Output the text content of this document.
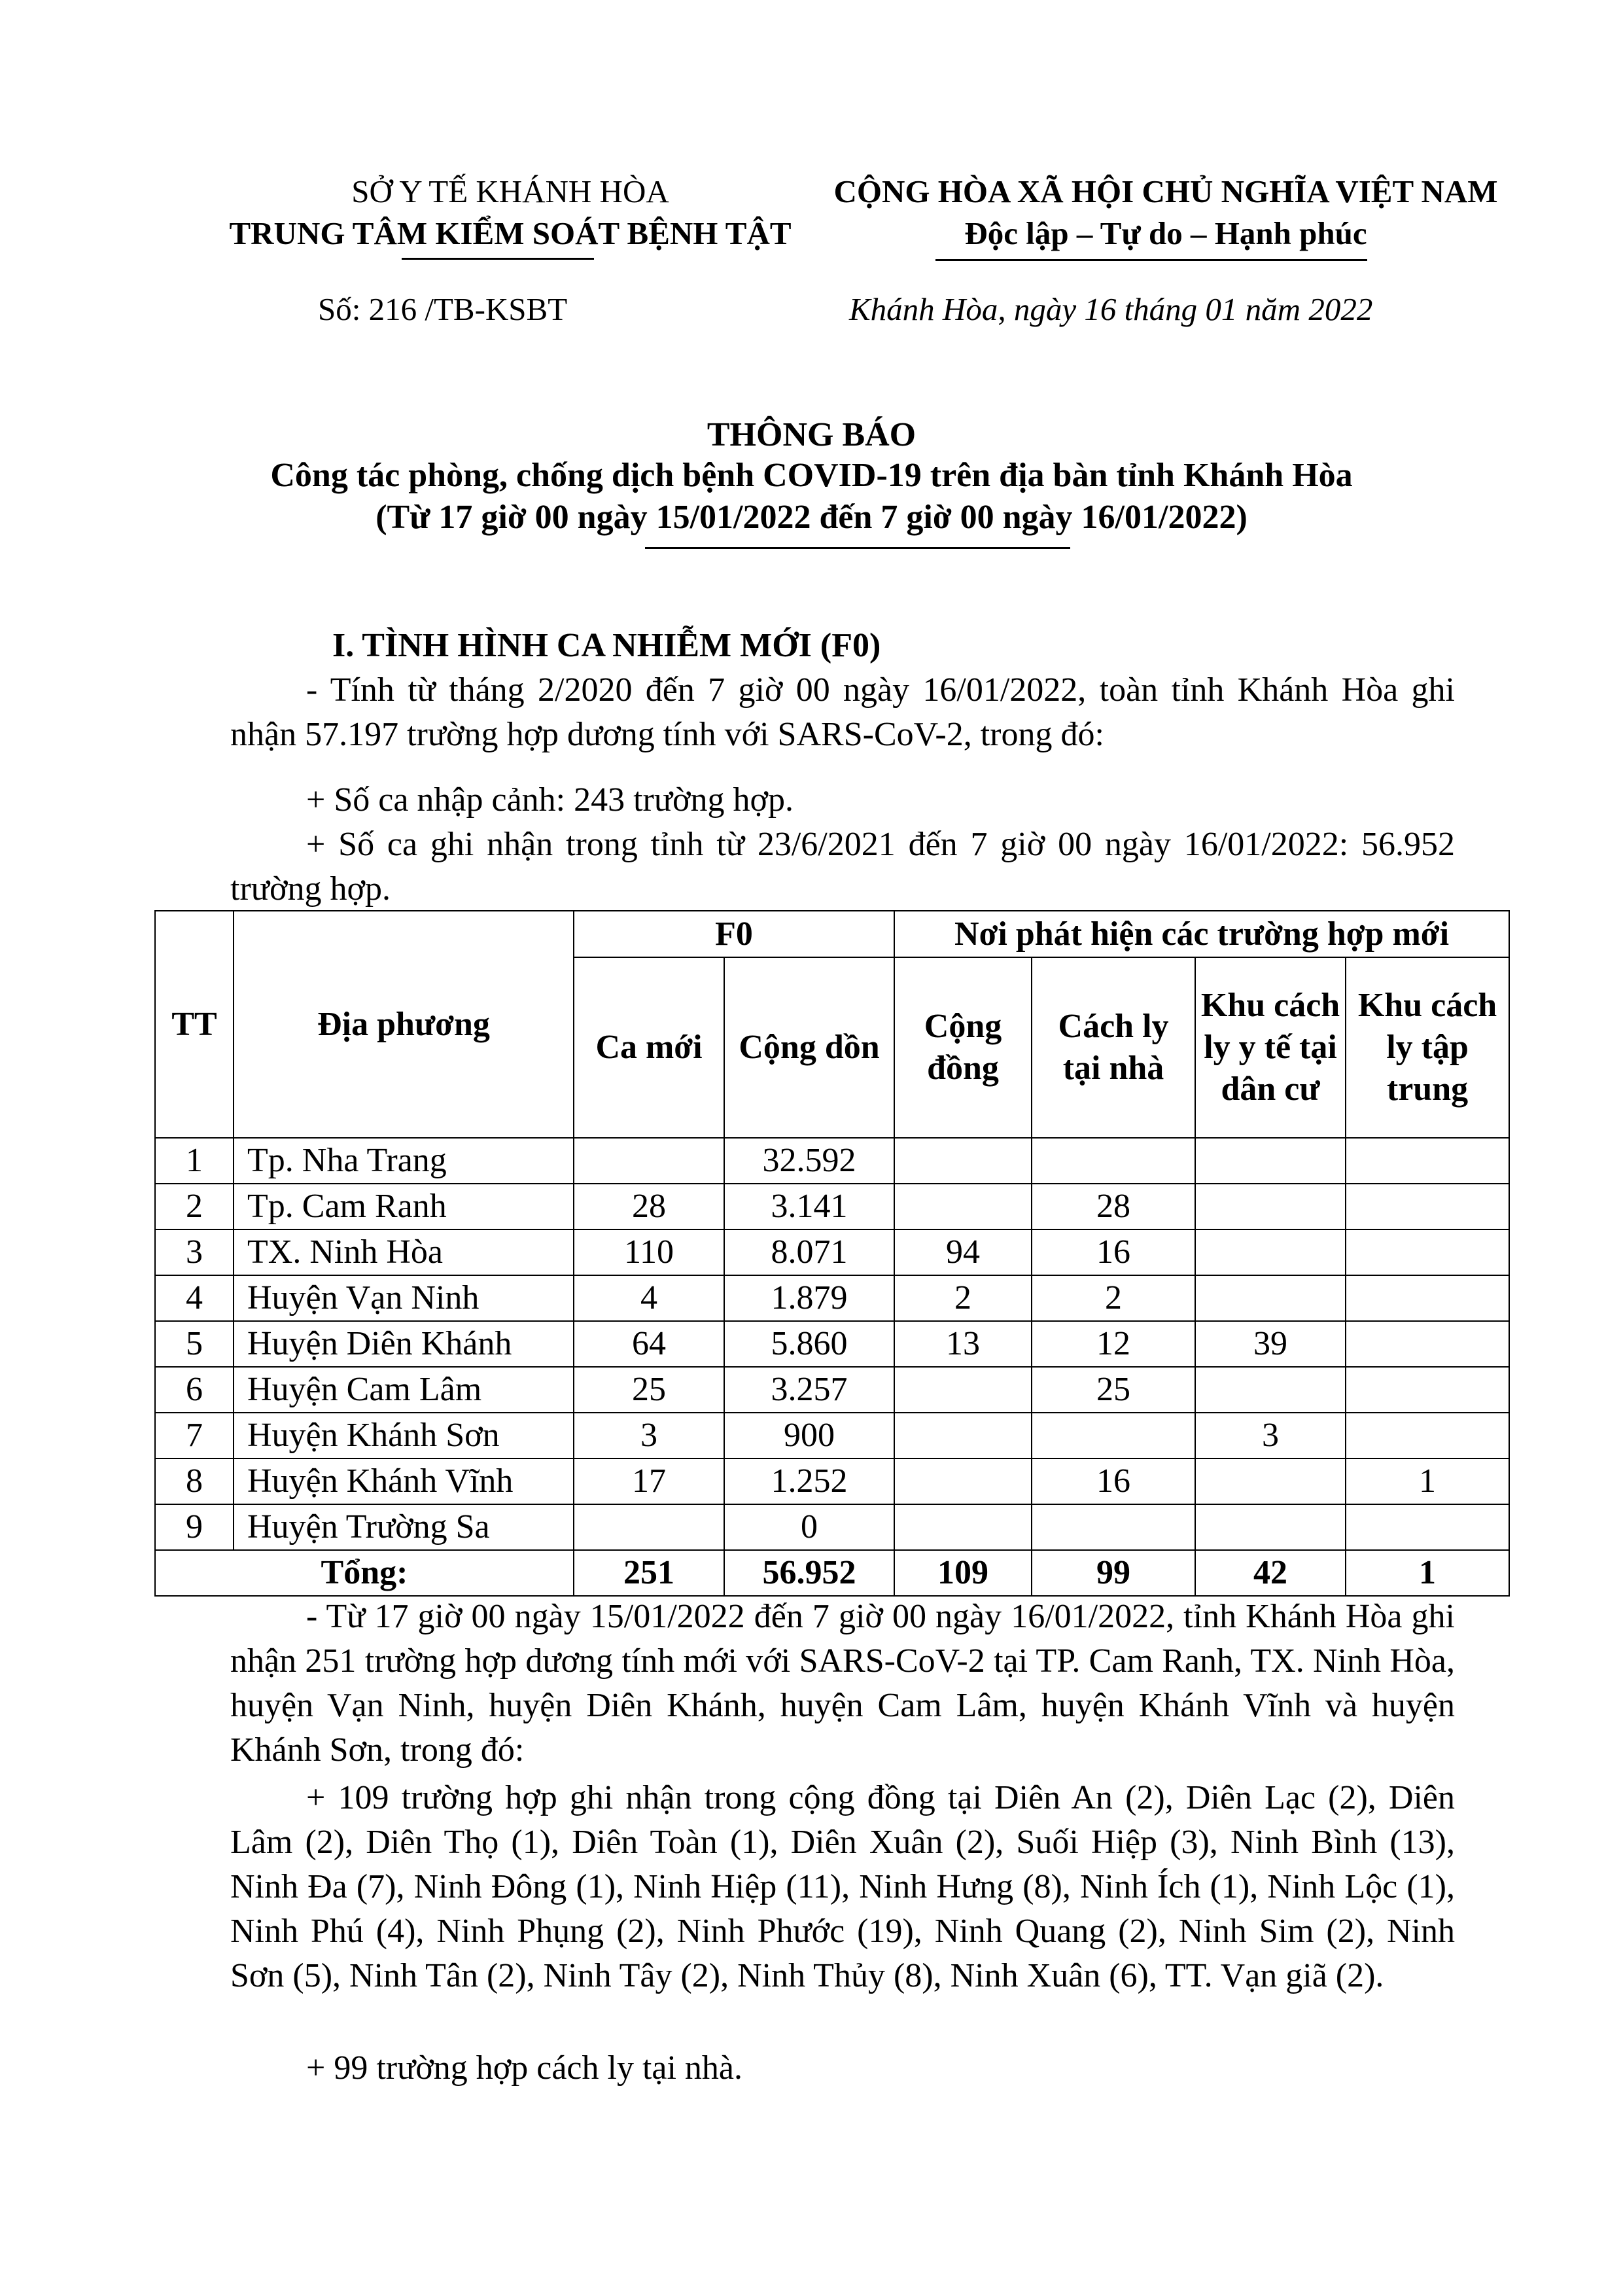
SỞ Y TẾ KHÁNH HÒA
TRUNG TÂM KIỂM SOÁT BỆNH TẬT
CỘNG HÒA XÃ HỘI CHỦ NGHĨA VIỆT NAM
Độc lập – Tự do – Hạnh phúc
Số: 216 /TB-KSBT	Khánh Hòa, ngày 16 tháng 01 năm 2022
THÔNG BÁO
Công tác phòng, chống dịch bệnh COVID-19 trên địa bàn tỉnh Khánh Hòa
(Từ 17 giờ 00 ngày 15/01/2022 đến 7 giờ 00 ngày 16/01/2022)
I. TÌNH HÌNH CA NHIỄM MỚI (F0)
- Tính từ tháng 2/2020 đến 7 giờ 00 ngày 16/01/2022, toàn tỉnh Khánh Hòa ghi nhận 57.197 trường hợp dương tính với SARS-CoV-2, trong đó:
+ Số ca nhập cảnh: 243 trường hợp.
+ Số ca ghi nhận trong tỉnh từ 23/6/2021 đến 7 giờ 00 ngày 16/01/2022: 56.952 trường hợp.
TT	Địa phương	F0		Nơi phát hiện các trường hợp mới			
		Ca mới	Cộng dồn	Cộng đồng	Cách ly tại nhà	Khu cách ly y tế tại dân cư	Khu cách ly tập trung
1	Tp. Nha Trang		32.592				
2	Tp. Cam Ranh	28	3.141		28		
3	TX. Ninh Hòa	110	8.071	94	16		
4	Huyện Vạn Ninh	4	1.879	2	2		
5	Huyện Diên Khánh	64	5.860	13	12	39	
6	Huyện Cam Lâm	25	3.257		25		
7	Huyện Khánh Sơn	3	900			3	
8	Huyện Khánh Vĩnh	17	1.252		16		1
9	Huyện Trường Sa		0				
Tổng:		251	56.952	109	99	42	1
- Từ 17 giờ 00 ngày 15/01/2022 đến 7 giờ 00 ngày 16/01/2022, tỉnh Khánh Hòa ghi nhận 251 trường hợp dương tính mới với SARS-CoV-2 tại TP. Cam Ranh, TX. Ninh Hòa, huyện Vạn Ninh, huyện Diên Khánh, huyện Cam Lâm, huyện Khánh Vĩnh và huyện Khánh Sơn, trong đó:
+ 109 trường hợp ghi nhận trong cộng đồng tại Diên An (2), Diên Lạc (2), Diên Lâm (2), Diên Thọ (1), Diên Toàn (1), Diên Xuân (2), Suối Hiệp (3), Ninh Bình (13), Ninh Đa (7), Ninh Đông (1), Ninh Hiệp (11), Ninh Hưng (8), Ninh Ích (1), Ninh Lộc (1), Ninh Phú (4), Ninh Phụng (2), Ninh Phước (19), Ninh Quang (2), Ninh Sim (2), Ninh Sơn (5), Ninh Tân (2), Ninh Tây (2), Ninh Thủy (8), Ninh Xuân (6), TT. Vạn giã (2).
+ 99 trường hợp cách ly tại nhà.
